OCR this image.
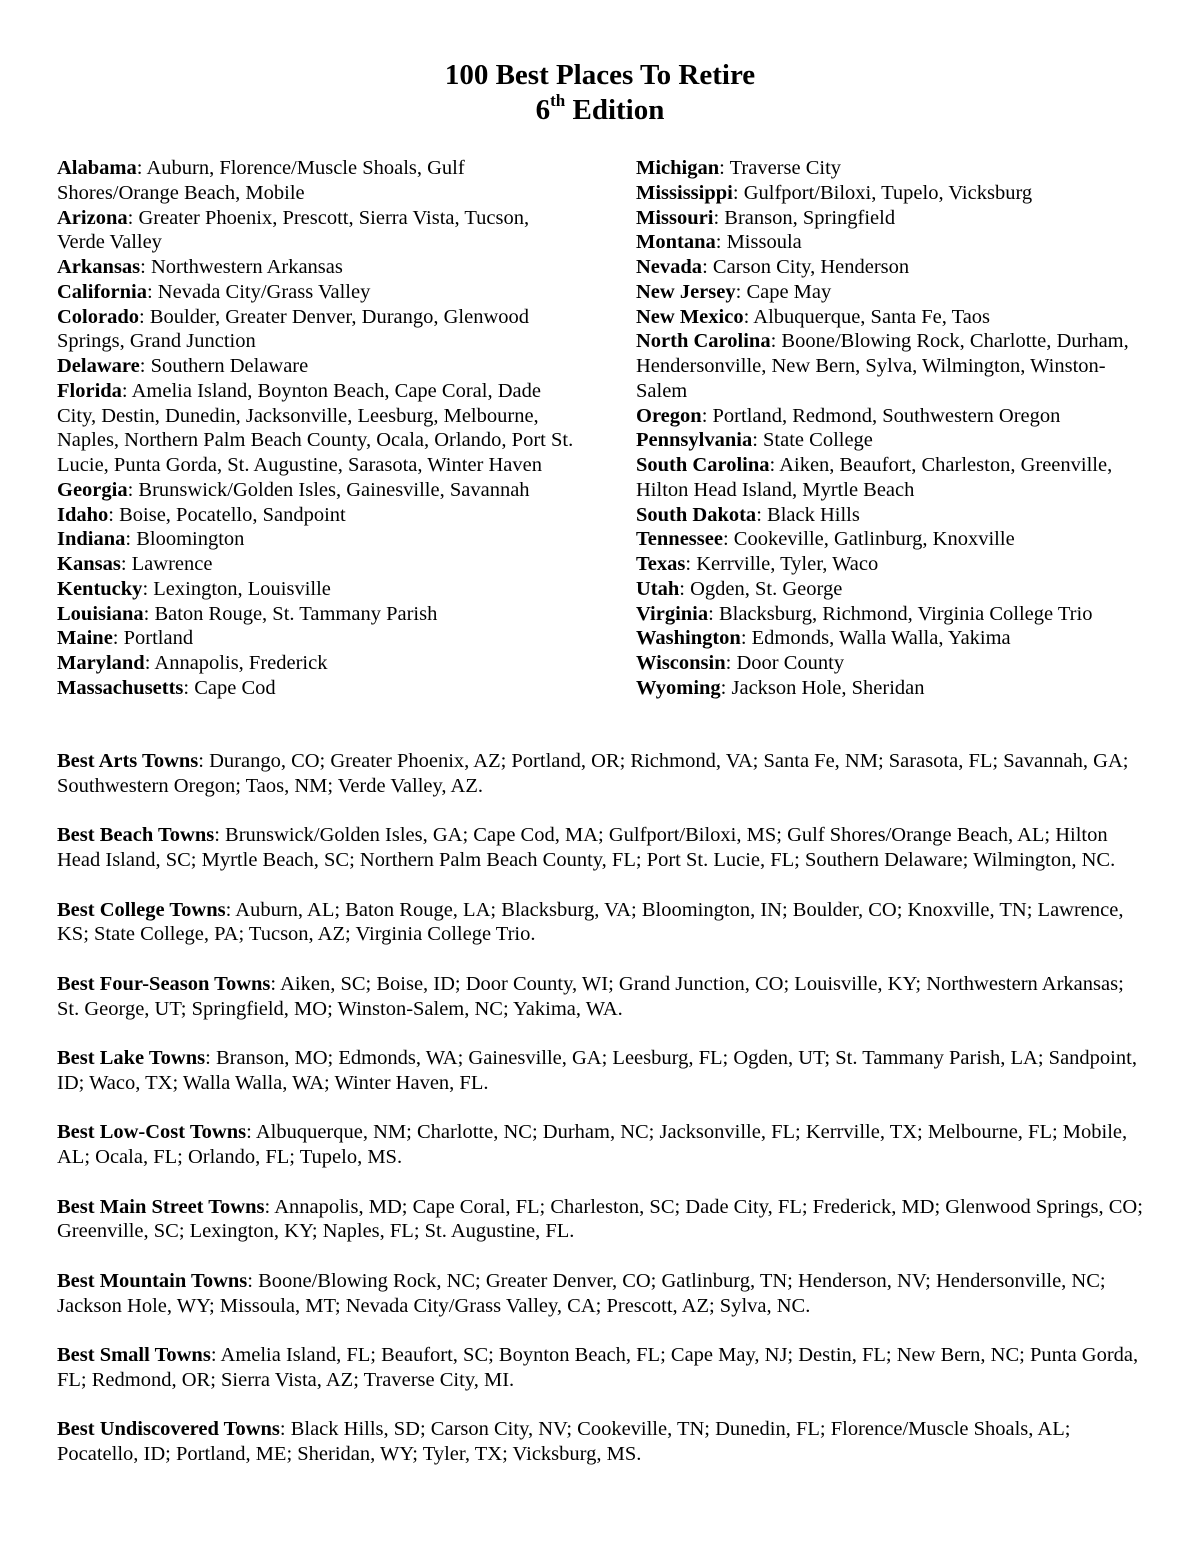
100 Best Places To Retire
6th Edition

Alabama: Auburn, Florence/Muscle Shoals, Gulf Shores/Orange Beach, Mobile

Arizona: Greater Phoenix, Prescott, Sierra Vista, Tucson, Verde Valley

Arkansas: Northwestern Arkansas

California: Nevada City/Grass Valley

Colorado: Boulder, Greater Denver, Durango, Glenwood Springs, Grand Junction

Delaware: Southern Delaware

Florida: Amelia Island, Boynton Beach, Cape Coral, Dade City, Destin, Dunedin, Jacksonville, Leesburg, Melbourne, Naples, Northern Palm Beach County, Ocala, Orlando, Port St. Lucie, Punta Gorda, St. Augustine, Sarasota, Winter Haven

Georgia: Brunswick/Golden Isles, Gainesville, Savannah

Idaho: Boise, Pocatello, Sandpoint

Indiana: Bloomington

Kansas: Lawrence

Kentucky: Lexington, Louisville

Louisiana: Baton Rouge, St. Tammany Parish

Maine: Portland

Maryland: Annapolis, Frederick

Massachusetts: Cape Cod

Michigan: Traverse City

Mississippi: Gulfport/Biloxi, Tupelo, Vicksburg

Missouri: Branson, Springfield

Montana: Missoula

Nevada: Carson City, Henderson

New Jersey: Cape May

New Mexico: Albuquerque, Santa Fe, Taos

North Carolina: Boone/Blowing Rock, Charlotte, Durham, Hendersonville, New Bern, Sylva, Wilmington, Winston-Salem

Oregon: Portland, Redmond, Southwestern Oregon

Pennsylvania: State College

South Carolina: Aiken, Beaufort, Charleston, Greenville, Hilton Head Island, Myrtle Beach

South Dakota: Black Hills

Tennessee: Cookeville, Gatlinburg, Knoxville

Texas: Kerrville, Tyler, Waco

Utah: Ogden, St. George

Virginia: Blacksburg, Richmond, Virginia College Trio

Washington: Edmonds, Walla Walla, Yakima

Wisconsin: Door County

Wyoming: Jackson Hole, Sheridan

Best Arts Towns: Durango, CO; Greater Phoenix, AZ; Portland, OR; Richmond, VA; Santa Fe, NM; Sarasota, FL; Savannah, GA; Southwestern Oregon; Taos, NM; Verde Valley, AZ.

Best Beach Towns: Brunswick/Golden Isles, GA; Cape Cod, MA; Gulfport/Biloxi, MS; Gulf Shores/Orange Beach, AL; Hilton Head Island, SC; Myrtle Beach, SC; Northern Palm Beach County, FL; Port St. Lucie, FL; Southern Delaware; Wilmington, NC.

Best College Towns: Auburn, AL; Baton Rouge, LA; Blacksburg, VA; Bloomington, IN; Boulder, CO; Knoxville, TN; Lawrence, KS; State College, PA; Tucson, AZ; Virginia College Trio.

Best Four-Season Towns: Aiken, SC; Boise, ID; Door County, WI; Grand Junction, CO; Louisville, KY; Northwestern Arkansas; St. George, UT; Springfield, MO; Winston-Salem, NC; Yakima, WA.

Best Lake Towns: Branson, MO; Edmonds, WA; Gainesville, GA; Leesburg, FL; Ogden, UT; St. Tammany Parish, LA; Sandpoint, ID; Waco, TX; Walla Walla, WA; Winter Haven, FL.

Best Low-Cost Towns: Albuquerque, NM; Charlotte, NC; Durham, NC; Jacksonville, FL; Kerrville, TX; Melbourne, FL; Mobile, AL; Ocala, FL; Orlando, FL; Tupelo, MS.

Best Main Street Towns: Annapolis, MD; Cape Coral, FL; Charleston, SC; Dade City, FL; Frederick, MD; Glenwood Springs, CO; Greenville, SC; Lexington, KY; Naples, FL; St. Augustine, FL.

Best Mountain Towns: Boone/Blowing Rock, NC; Greater Denver, CO; Gatlinburg, TN; Henderson, NV; Hendersonville, NC; Jackson Hole, WY; Missoula, MT; Nevada City/Grass Valley, CA; Prescott, AZ; Sylva, NC.

Best Small Towns: Amelia Island, FL; Beaufort, SC; Boynton Beach, FL; Cape May, NJ; Destin, FL; New Bern, NC; Punta Gorda, FL; Redmond, OR; Sierra Vista, AZ; Traverse City, MI.

Best Undiscovered Towns: Black Hills, SD; Carson City, NV; Cookeville, TN; Dunedin, FL; Florence/Muscle Shoals, AL; Pocatello, ID; Portland, ME; Sheridan, WY; Tyler, TX; Vicksburg, MS.
